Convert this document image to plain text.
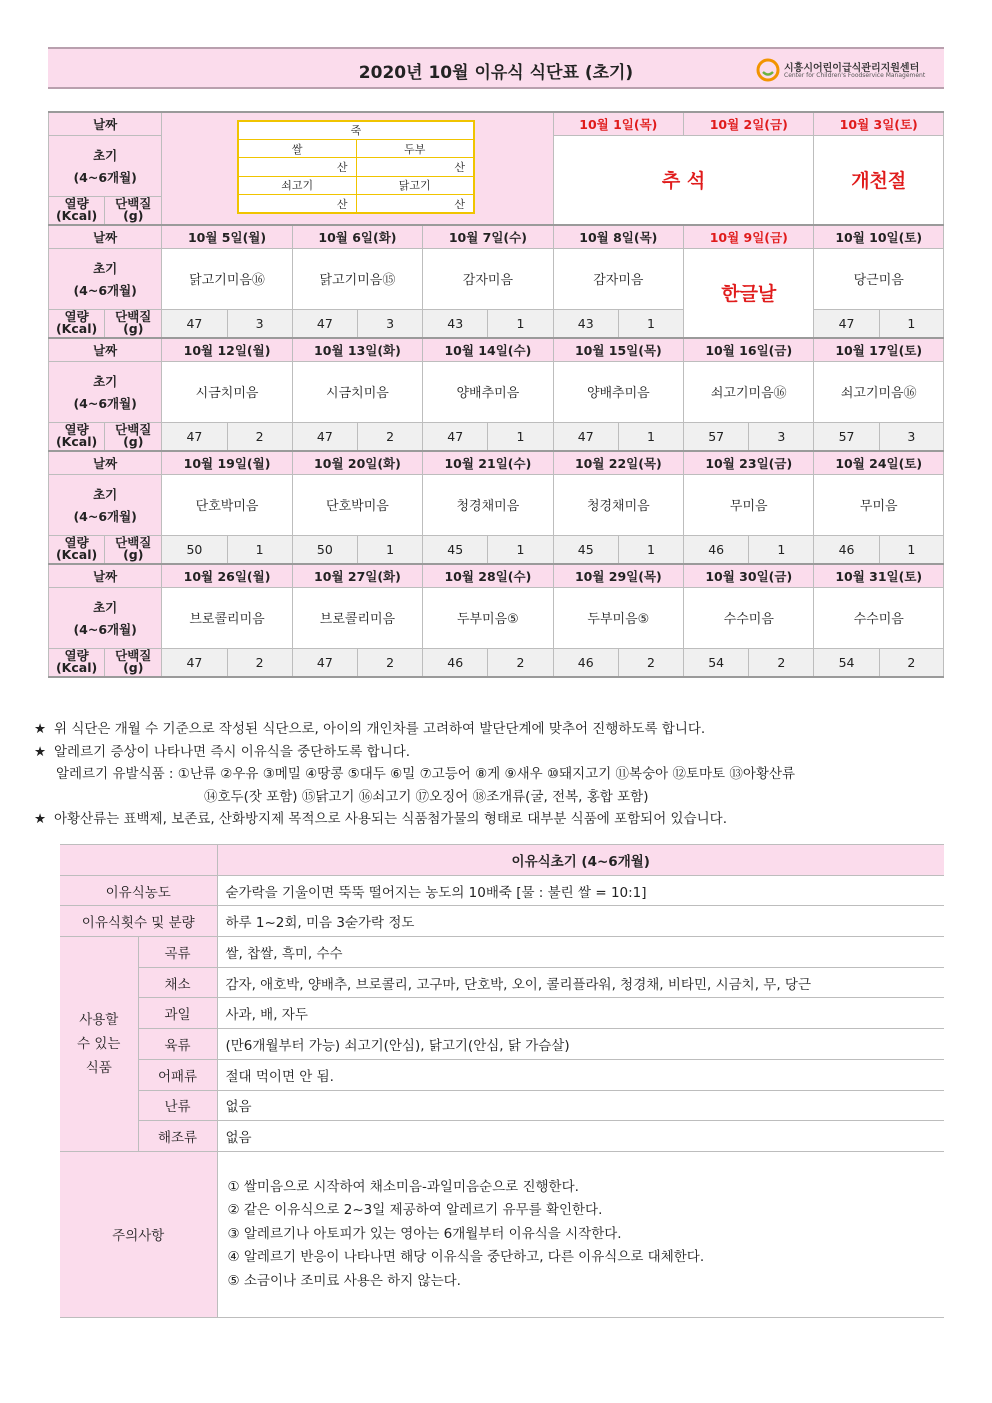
2020년 10월 이유식 식단표 (초기)	시흥시어린이급식관리지원센터
Center for Children's Foodservice Management
날짜								10월 1일(목)		10월 2일(금)		10월 3일(토)	

초기
(4~6개월)								추 석				개천절	
열량
(Kcal)	단백질
(g)												
날짜		10월 5일(월)		10월 6일(화)		10월 7일(수)		10월 8일(목)		10월 9일(금)		10월 10일(토)	

초기
(4~6개월)		닭고기미음⑯		닭고기미음⑮		감자미음		감자미음		한글날		당근미음	
열량
(Kcal)	단백질
(g)	47	3	47	3	43	1	43	1			47	1
날짜		10월 12일(월)		10월 13일(화)		10월 14일(수)		10월 15일(목)		10월 16일(금)		10월 17일(토)	

초기
(4~6개월)		시금치미음		시금치미음		양배추미음		양배추미음		쇠고기미음⑯		쇠고기미음⑯	
열량
(Kcal)	단백질
(g)	47	2	47	2	47	1	47	1	57	3	57	3
날짜		10월 19일(월)		10월 20일(화)		10월 21일(수)		10월 22일(목)		10월 23일(금)		10월 24일(토)	

초기
(4~6개월)		단호박미음		단호박미음		청경채미음		청경채미음		무미음		무미음	
열량
(Kcal)	단백질
(g)	50	1	50	1	45	1	45	1	46	1	46	1
날짜		10월 26일(월)		10월 27일(화)		10월 28일(수)		10월 29일(목)		10월 30일(금)		10월 31일(토)	

초기
(4~6개월)		브로콜리미음		브로콜리미음		두부미음⑤		두부미음⑤		수수미음		수수미음	
열량
(Kcal)	단백질
(g)	47	2	47	2	46	2	46	2	54	2	54	2
죽	
쌀	두부
산	산
쇠고기	닭고기
산	산
★ 위 식단은 개월 수 기준으로 작성된 식단으로, 아이의 개인차를 고려하여 발단단계에 맞추어 진행하도록 합니다.
★ 알레르기 증상이 나타나면 즉시 이유식을 중단하도록 합니다.
알레르기 유발식품 : ①난류 ②우유 ③메밀 ④땅콩 ⑤대두 ⑥밀 ⑦고등어 ⑧게 ⑨새우 ⑩돼지고기 ⑪복숭아 ⑫토마토 ⑬아황산류
⑭호두(잣 포함) ⑮닭고기 ⑯쇠고기 ⑰오징어 ⑱조개류(굴, 전복, 홍합 포함)
★ 아황산류는 표백제, 보존료, 산화방지제 목적으로 사용되는 식품첨가물의 형태로 대부분 식품에 포함되어 있습니다.
		이유식초기 (4~6개월)
이유식농도		숟가락을 기울이면 뚝뚝 떨어지는 농도의 10배죽 [물 : 불린 쌀 = 10:1]
이유식횟수 및 분량		하루 1~2회, 미음 3숟가락 정도
사용할
수 있는
식품	곡류	쌀, 찹쌀, 흑미, 수수
	채소	감자, 애호박, 양배추, 브로콜리, 고구마, 단호박, 오이, 콜리플라워, 청경채, 비타민, 시금치, 무, 당근
	과일	사과, 배, 자두
	육류	(만6개월부터 가능) 쇠고기(안심), 닭고기(안심, 닭 가슴살)
	어패류	절대 먹이면 안 됨.
	난류	없음
	해조류	없음
주의사항		① 쌀미음으로 시작하여 채소미음-과일미음순으로 진행한다.
② 같은 이유식으로 2~3일 제공하여 알레르기 유무를 확인한다.
③ 알레르기나 아토피가 있는 영아는 6개월부터 이유식을 시작한다.
④ 알레르기 반응이 나타나면 해당 이유식을 중단하고, 다른 이유식으로 대체한다.
⑤ 소금이나 조미료 사용은 하지 않는다.
